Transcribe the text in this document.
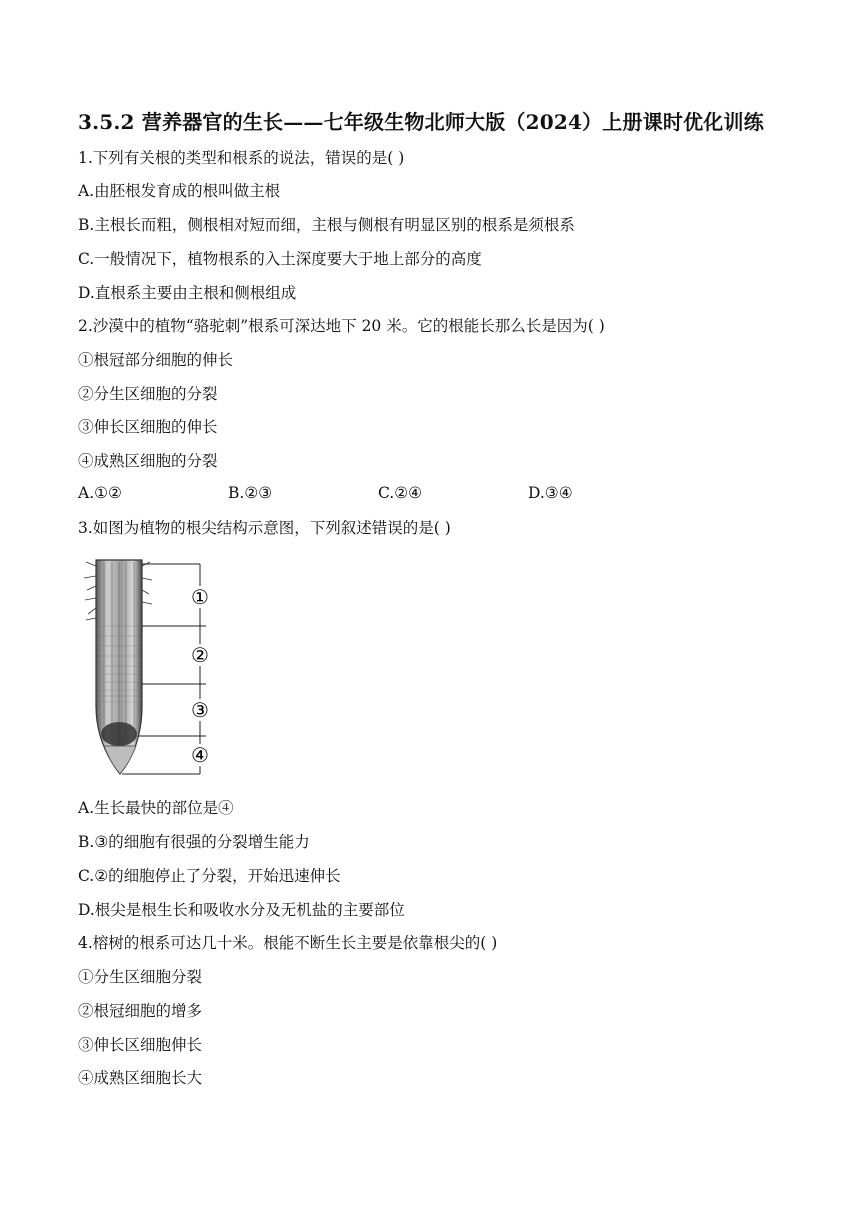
3.5.2 营养器官的生长——七年级生物北师大版（2024）上册课时优化训练
1.下列有关根的类型和根系的说法，错误的是( )
A.由胚根发育成的根叫做主根
B.主根长而粗，侧根相对短而细，主根与侧根有明显区别的根系是须根系
C.一般情况下，植物根系的入土深度要大于地上部分的高度
D.直根系主要由主根和侧根组成
2.沙漠中的植物“骆驼刺”根系可深达地下 20 米。它的根能长那么长是因为( )
①根冠部分细胞的伸长
②分生区细胞的分裂
③伸长区细胞的伸长
④成熟区细胞的分裂
A.①②	B.②③	C.②④	D.③④
3.如图为植物的根尖结构示意图，下列叙述错误的是( )
①
②
③
④
A.生长最快的部位是④
B.③的细胞有很强的分裂增生能力
C.②的细胞停止了分裂，开始迅速伸长
D.根尖是根生长和吸收水分及无机盐的主要部位
4.榕树的根系可达几十米。根能不断生长主要是依靠根尖的( )
①分生区细胞分裂
②根冠细胞的增多
③伸长区细胞伸长
④成熟区细胞长大
